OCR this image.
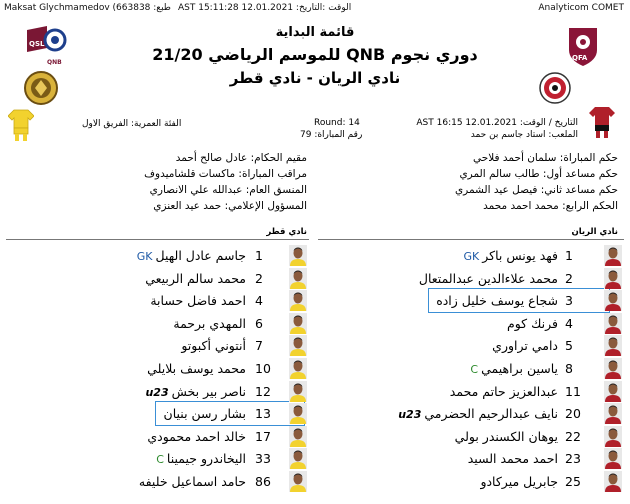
Maksat Glychmamedov (663838 :طبع AST 15:11:28 12.01.2021 :الوقت :التاريخ	Analyticom COMET
QSL
QNB
QFA
قائمة البداية
دوري نجوم QNB للموسم الرياضي 21/20
نادي الريان - نادي قطر
الفئة العمرية: الفريق الاول	Round: 14
رقم المباراة: 79
التاريخ / الوقت: AST 16:15 12.01.2021
الملعب: استاد جاسم بن حمد
حكم المباراة: سلمان أحمد فلاحي
حكم مساعد أول: طالب سالم المري
حكم مساعد ثاني: فيصل عيد الشمري
الحكم الرابع: محمد احمد محمد
مقيم الحكام: عادل صالح أحمد
مراقب المباراة: ماكسات قلشاميدوف
المنسق العام: عبدالله علي الانصاري
المسؤول الإعلامي: حمد عيد العنزي
نادي قطر	نادي الريان
1
جاسم عادل الهيلGK
2
محمد سالم الربيعي
4
احمد فاضل حسابة
6
المهدي برحمة
7
أنتوني أكبوتو
10
محمد يوسف بلايلي
12
ناصر بير بخشu23
13
بشار رسن بنيان
17
خالد احمد محمودي
33
اليخاندرو جيميناC
86
حامد اسماعيل خليفه
1
فهد يونس باكرGK
2
محمد علاءالدين عبدالمتعال
3
شجاع يوسف خليل زاده
4
فرنك كوم
5
دامي تراوري
8
ياسين براهيميC
11
عبدالعزيز حاتم محمد
20
نايف عبدالرحيم الحضرميu23
22
يوهان الكسندر بولي
23
احمد محمد السيد
25
جابريل ميركادو
